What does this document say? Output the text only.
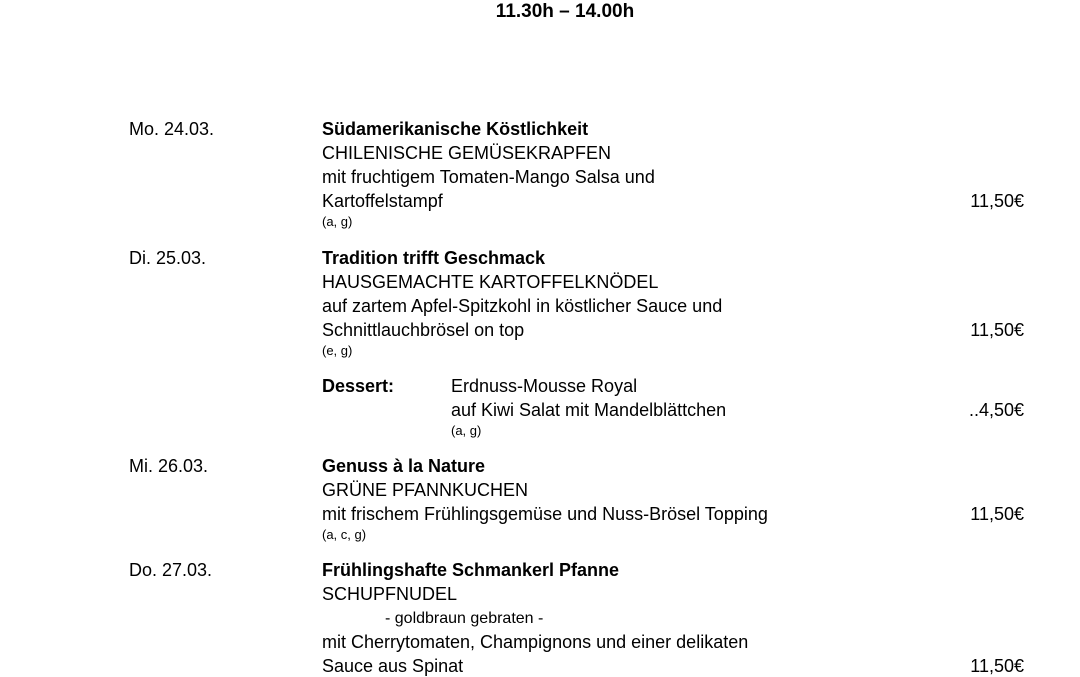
11.30h – 14.00h
Mo. 24.03.	Südamerikanische Köstlichkeit
CHILENISCHE GEMÜSEKRAPFEN
mit fruchtigem Tomaten-Mango Salsa und
Kartoffelstampf	11,50€
(a, g)
Di. 25.03.	Tradition trifft Geschmack
HAUSGEMACHTE KARTOFFELKNÖDEL
auf zartem Apfel-Spitzkohl in köstlicher Sauce und
Schnittlauchbrösel on top	11,50€
(e, g)
Dessert:	Erdnuss-Mousse Royal
auf Kiwi Salat mit Mandelblättchen	..4,50€
(a, g)
Mi. 26.03.	Genuss à la Nature
GRÜNE PFANNKUCHEN
mit frischem Frühlingsgemüse und Nuss-Brösel Topping	11,50€
(a, c, g)
Do. 27.03.	Frühlingshafte Schmankerl Pfanne
SCHUPFNUDEL
- goldbraun gebraten -
mit Cherrytomaten, Champignons und einer delikaten
Sauce aus Spinat	11,50€
